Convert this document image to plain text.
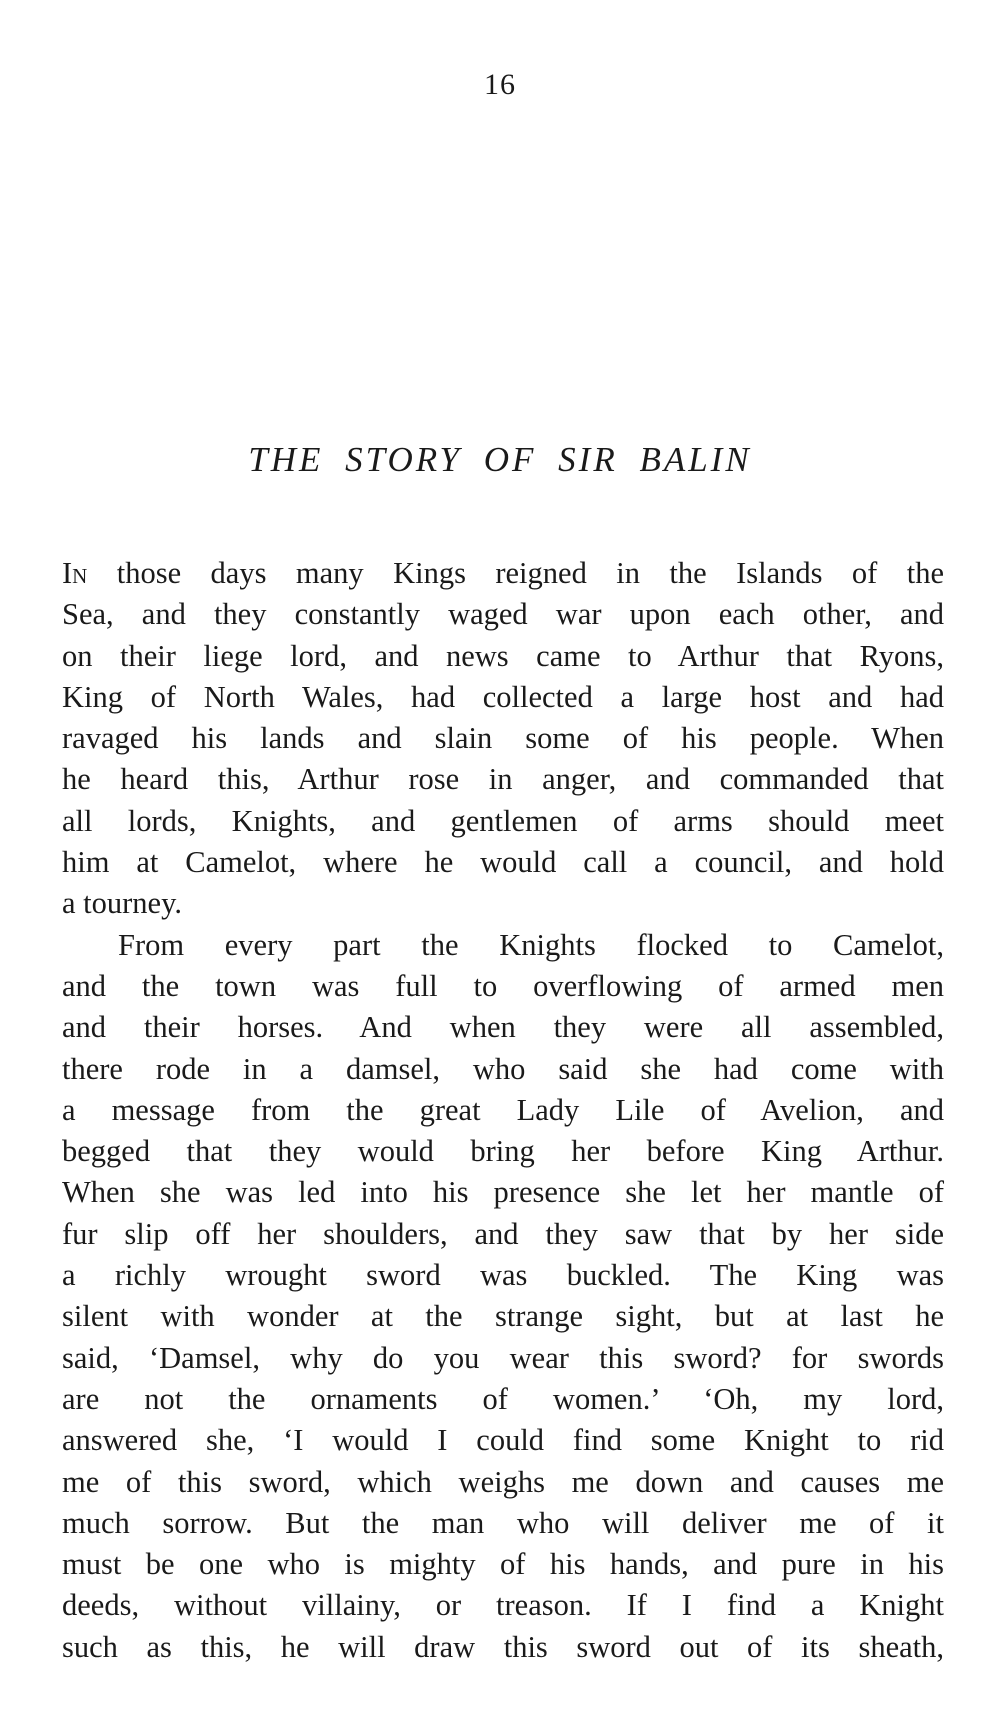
16
THE STORY OF SIR BALIN
In those days many Kings reigned in the Islands of the
Sea, and they constantly waged war upon each other, and
on their liege lord, and news came to Arthur that Ryons,
King of North Wales, had collected a large host and had
ravaged his lands and slain some of his people. When
he heard this, Arthur rose in anger, and commanded that
all lords, Knights, and gentlemen of arms should meet
him at Camelot, where he would call a council, and hold
a tourney.
From every part the Knights flocked to Camelot,
and the town was full to overflowing of armed men
and their horses. And when they were all assembled,
there rode in a damsel, who said she had come with
a message from the great Lady Lile of Avelion, and
begged that they would bring her before King Arthur.
When she was led into his presence she let her mantle of
fur slip off her shoulders, and they saw that by her side
a richly wrought sword was buckled. The King was
silent with wonder at the strange sight, but at last he
said, ‘Damsel, why do you wear this sword? for swords
are not the ornaments of women.’ ‘Oh, my lord,
answered she, ‘I would I could find some Knight to rid
me of this sword, which weighs me down and causes me
much sorrow. But the man who will deliver me of it
must be one who is mighty of his hands, and pure in his
deeds, without villainy, or treason. If I find a Knight
such as this, he will draw this sword out of its sheath,
